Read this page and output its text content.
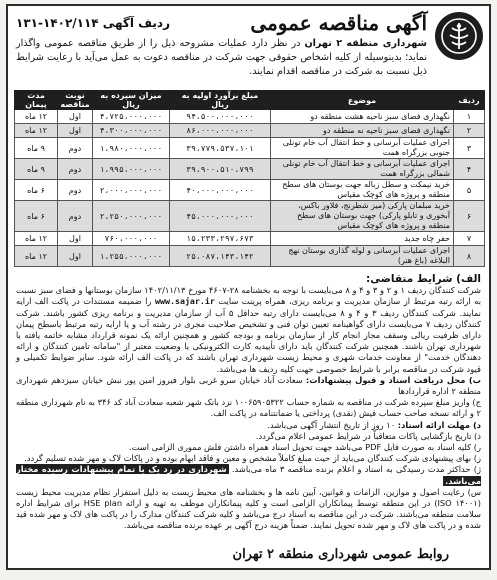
آگهی مناقصه عمومی
ردیف آگهی ۱۴۰۲/۱۱۴-۱۳۱
شهرداری منطقه ۲ تهران در نظر دارد عملیات مشروحه ذیل را از طریق مناقصه عمومی واگذار نماید؛ بدینوسیله از کلیه اشخاص حقوقی جهت شرکت در مناقصه دعوت به عمل می‌آید با رعایت شرایط ذیل نسبت به شرکت در مناقصه اقدام نمایند.
ردیف	موضوع	مبلغ برآورد اولیه به ریال	میزان سپرده به ریال	نوبت مناقصه	مدت پیمان
۱	نگهداری فضای سبز ناحیه هشت منطقه دو	۹۴،۵۰۰،۰۰۰،۰۰۰	۴،۷۲۵،۰۰۰،۰۰۰	اول	۱۲ ماه
۲	نگهداری فضای سبز ناحیه نه منطقه دو	۸۶،۰۰۰،۰۰۰،۰۰۰	۴،۳۰۰،۰۰۰،۰۰۰	اول	۱۲ ماه
۳	اجرای عملیات آبرسانی و خط انتقال آب خام تونلی جنوبی بزرگراه همت	۳۹،۷۷۹،۵۳۷،۱۰۱	۱،۹۸۰،۰۰۰،۰۰۰	دوم	۹ ماه
۴	اجرای عملیات آبرسانی و خط انتقال آب خام تونلی شمالی بزرگراه همت	۳۹،۹۰۰،۵۱۰،۷۹۹	۱،۹۹۵،۰۰۰،۰۰۰	دوم	۹ ماه
۵	خرید نیمکت و سطل زباله جهت بوستان های سطح منطقه و پروژه های کوچک مقیاس	۴۰،۰۰۰،۰۰۰،۰۰۰	۲،۰۰۰،۰۰۰،۰۰۰	دوم	۶ ماه
۶	خرید مبلمان پارکی (میز شطرنج، فلاور باکس، آبخوری و تابلو پارکی) جهت بوستان های سطح منطقه و پروژه های کوچک مقیاس	۴۵،۰۰۰،۰۰۰،۰۰۰	۲،۲۵۰،۰۰۰،۰۰۰	دوم	۶ ماه
۷	حفر چاه جدید	۱۵،۲۳۳،۲۹۷،۶۷۳	۷۶۰،۰۰۰،۰۰۰	اول	۱۲ ماه
۸	اجرای عملیات آبرسانی و لوله گذاری بوستان نهج البلاغه (باغ هنر)	۲۵،۰۸۷،۱۴۳،۱۴۲	۱،۲۵۵،۰۰۰،۰۰۰	اول	۱۲ ماه

الف) شرایط متقاضی:

شرکت کنندگان ردیف ۱ و ۲ و ۳ و ۴ و ۸ می‌بایست با توجه به بخشنامه ۲۸-۴۶۰۷ مورخ ۱۴۰۲/۱۱/۱۳ سازمان بوستانها و فضای سبز نسبت به ارائه رتبه مرتبط از سازمان مدیریت و برنامه ریزی، همراه پرینت سایت www.sajar.ir را ضمیمه مستندات در پاکت الف ارایه نمایند. شرکت کنندگان ردیف ۳ و ۴ و ۸ می‌بایست دارای رتبه حداقل ۵ آب از سازمان مدیریت و برنامه ریزی کشور باشند. شرکت کنندگان ردیف ۷ می‌بایست دارای گواهینامه تعیین توان فنی و تشخیص صلاحیت مجری در رشته آب و یا ارایه رتبه مرتبط باسطح پیمان دارای ظرفیت ریالی وسقف مجاز انجام کار از سازمان برنامه و بودجه کشور و همچنین ارائه یک نمونه قرارداد مشابه خاتمه یافته با شهرداری تهران باشند. همچنین شرکت کنندگان باید دارای تأییدیه کارت الکترونیکی یا وضعیت معتبر از "سامانه تامین کنندگان و ارائه دهندگان خدمت" از معاونت خدمات شهری و محیط زیست شهرداری تهران باشند که در پاکت الف ارائه شود. سایر ضوابط تکمیلی و قیود شرکت در مناقصه برابر با شرایط خصوصی جهت کلیه ردیف ها می‌باشد.

ب) محل دریافت اسناد و قبول پیشنهادات: سعادت آباد خیابان سرو غربی بلوار فیروز امین پور نبش خیابان سیزدهم شهرداری منطقه ۲ اداره قراردادها

ج) واریز مبلغ سپرده شرکت در مناقصه به شماره حساب ۱۰۰۶۵۹۰۵۳۲۲ نزد بانک شهر شعبه سعادت آباد کد ۳۴۶ به نام شهرداری منطقه ۲ و ارائه نسخه صاحب حساب فیش (نقدی) پرداختی یا ضمانتنامه در پاکت الف.

د) مهلت ارائه اسناد: ۱۰ روز از تاریخ انتشار آگهی می‌باشد.

ذ) تاریخ بازگشایی پاکات متعاقباً در شرایط عمومی اعلام می‌گردد.

ر) کلیه اسناد به صورت فایل PDF می‌باشد جهت تحویل اسناد همراه داشتن فلش مموری الزامی است.

ز) بهای پیشنهادی شرکت کنندگان می‌باید از حیث مبلغ کاملاً مشخص و معین و فاقد ابهام بوده و در پاکات لاک و مهر شده تسلیم گردد.

ژ) حداکثر مدت رسیدگی به اسناد و اعلام برنده مناقصه ۳ ماه می‌باشد. شهرداری در رد یک یا تمام پیشنهادات رسیده مختار می‌باشد.

س) رعایت اصول و موازین، الزامات و قوانین، آیین نامه ها و بخشنامه های محیط زیست به دلیل استقرار نظام مدیریت محیط زیست (ISO ۱۴۰۰۱) در این منطقه توسط پیمانکاران الزامی است و کلیه پیمانکاران موظف به تهیه و ارائه HSE plan برای شرایط اداره سلامت منطقه می‌باشند. شرکت در این مناقصه به اسناد درج می‌باشد و کلیه شرکت کنندگان مدارک را در پاکت های لاک و مهر شده قید شده و در پاکت های لاک و مهر شده تحویل نمایند. ضمناً هزینه درج آگهی بر عهده برنده مناقصه می‌باشد.

روابط عمومی شهرداری منطقه ۲ تهران
